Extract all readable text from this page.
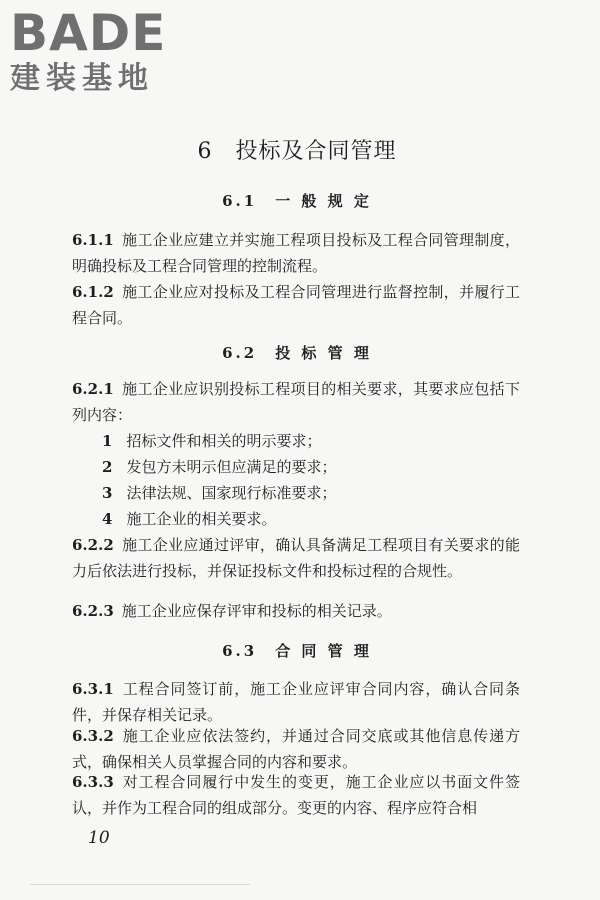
BADE
建装基地
6　投标及合同管理
6.1　一 般 规 定
6.1.1 施工企业应建立并实施工程项目投标及工程合同管理制度，明确投标及工程合同管理的控制流程。
6.1.2 施工企业应对投标及工程合同管理进行监督控制，并履行工程合同。
6.2　投 标 管 理
6.2.1 施工企业应识别投标工程项目的相关要求，其要求应包括下列内容：
1 招标文件和相关的明示要求；
2 发包方未明示但应满足的要求；
3 法律法规、国家现行标准要求；
4 施工企业的相关要求。
6.2.2 施工企业应通过评审，确认具备满足工程项目有关要求的能力后依法进行投标，并保证投标文件和投标过程的合规性。
6.2.3 施工企业应保存评审和投标的相关记录。
6.3　合 同 管 理
6.3.1 工程合同签订前，施工企业应评审合同内容，确认合同条件，并保存相关记录。
6.3.2 施工企业应依法签约，并通过合同交底或其他信息传递方式，确保相关人员掌握合同的内容和要求。
6.3.3 对工程合同履行中发生的变更，施工企业应以书面文件签认，并作为工程合同的组成部分。变更的内容、程序应符合相
10
